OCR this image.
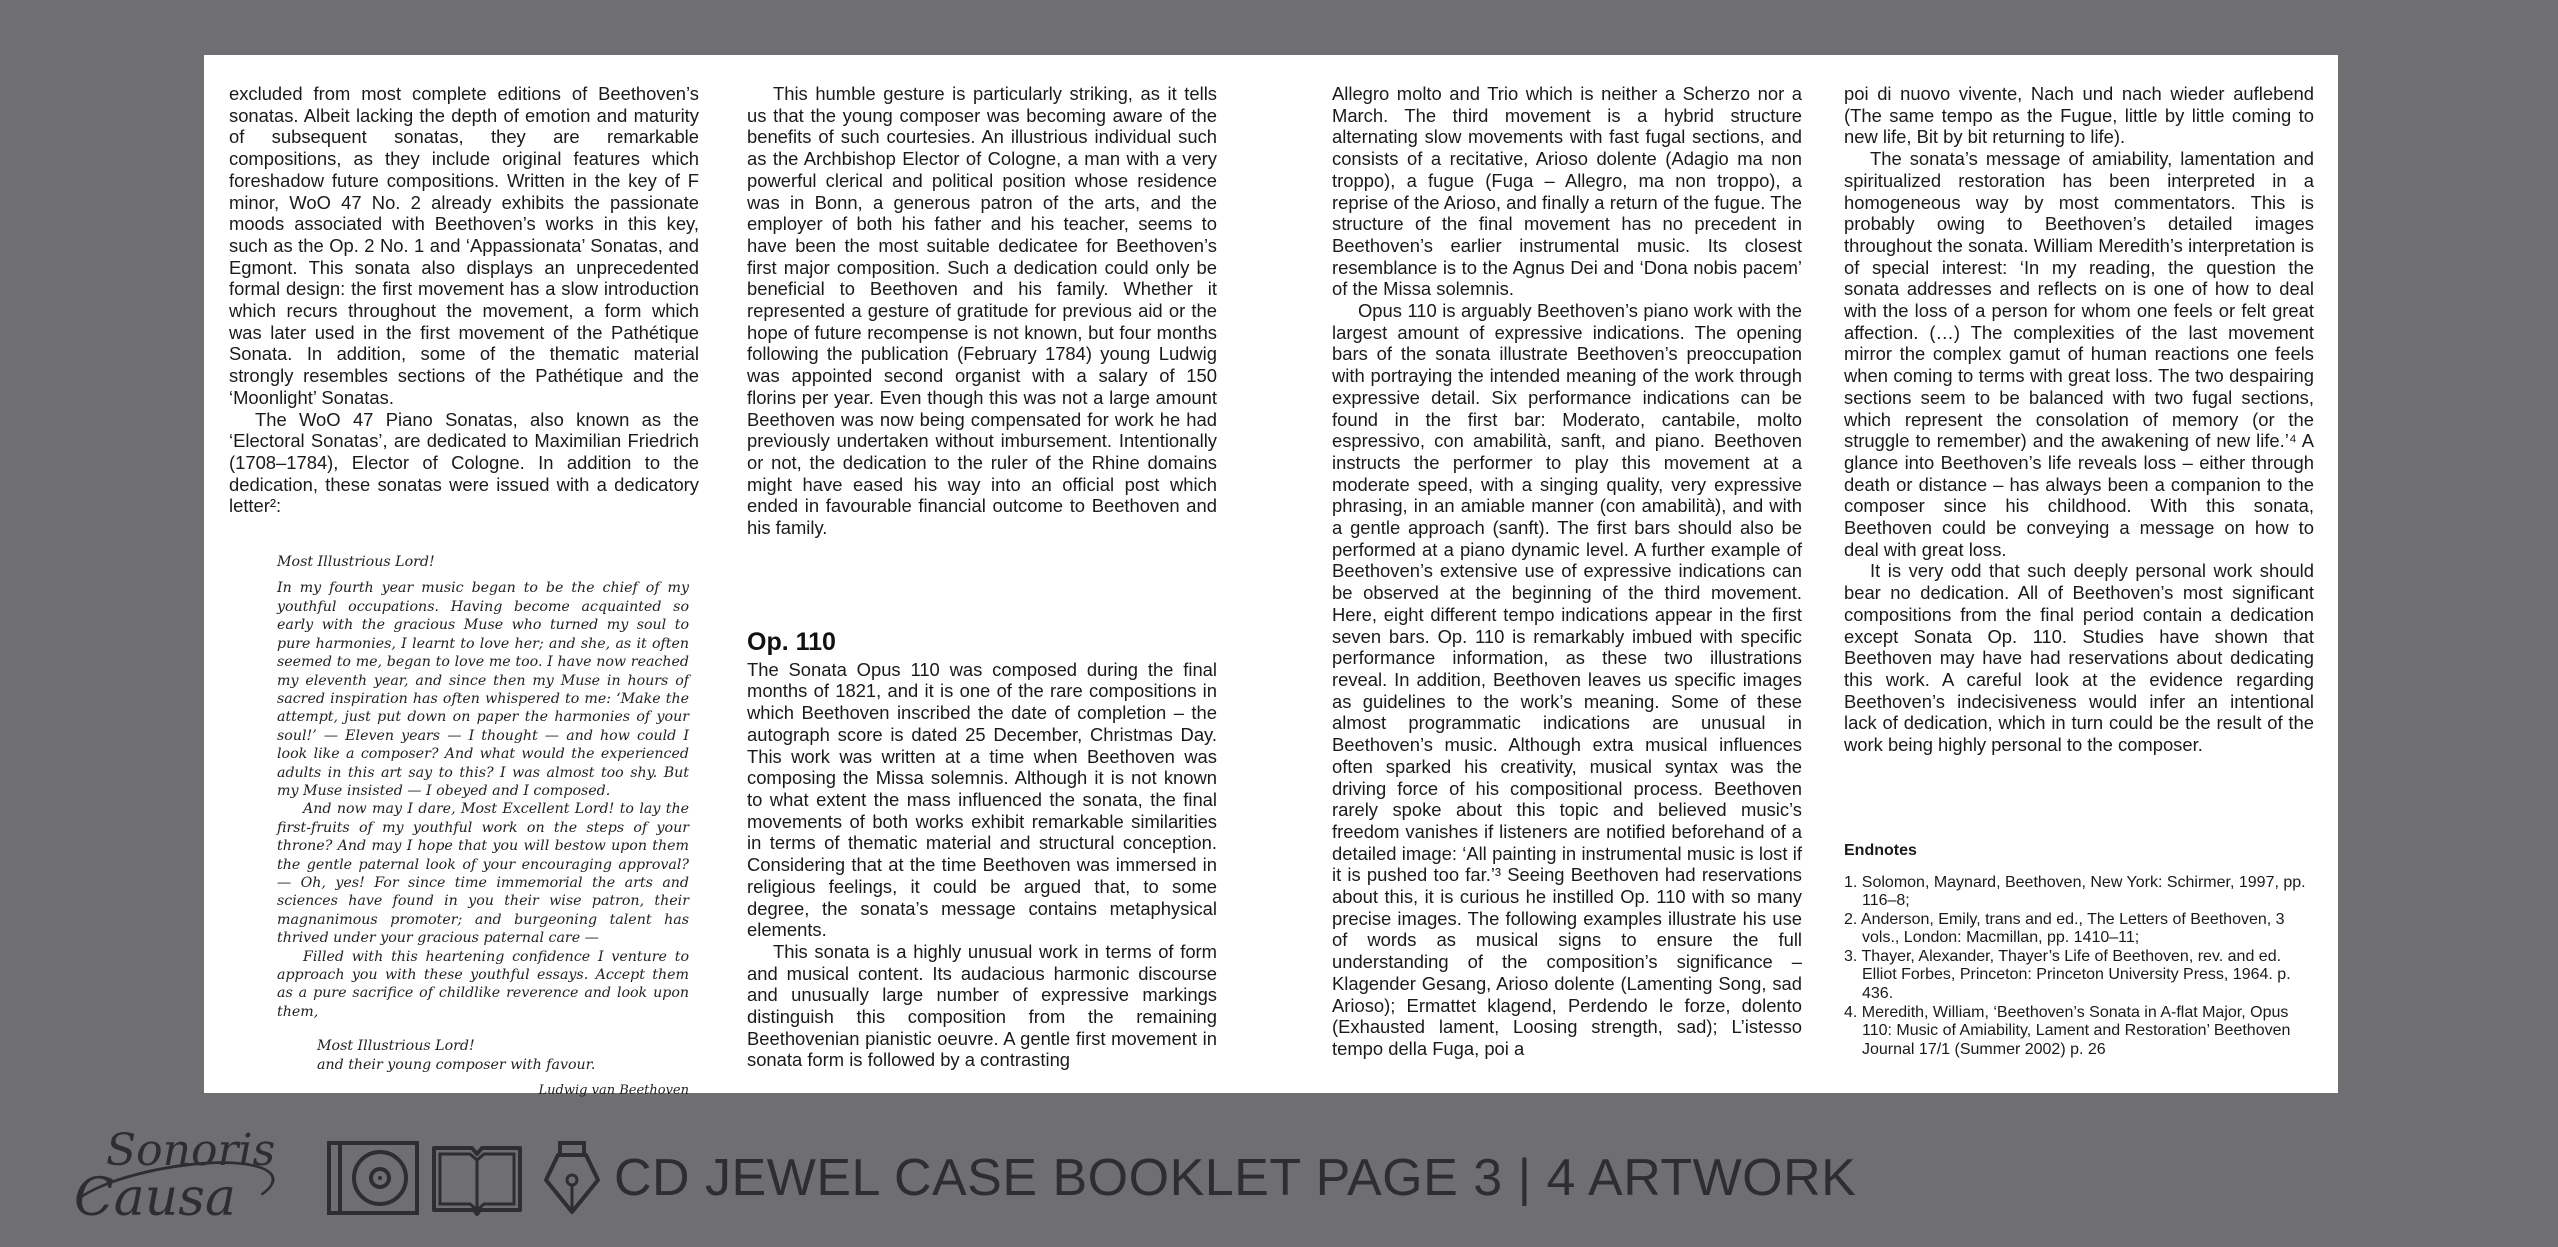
excluded from most complete editions of Beethoven’s sonatas. Albeit lacking the depth of emotion and maturity of subsequent sonatas, they are remarkable compositions, as they include original features which foreshadow future compositions. Written in the key of F minor, WoO 47 No. 2 already exhibits the passionate moods associated with Beethoven’s works in this key, such as the Op. 2 No. 1 and ‘Appassionata’ Sonatas, and Egmont. This sonata also displays an unprecedented formal design: the first movement has a slow introduction which recurs throughout the movement, a form which was later used in the first movement of the Pathétique Sonata. In addition, some of the thematic material strongly resembles sections of the Pathétique and the ‘Moonlight’ Sonatas.

The WoO 47 Piano Sonatas, also known as the ‘Electoral Sonatas’, are dedicated to Maximilian Friedrich (1708–1784), Elector of Cologne. In addition to the dedication, these sonatas were issued with a dedicatory letter²:

Most Illustrious Lord!

In my fourth year music began to be the chief of my youthful occupations. Having become acquainted so early with the gracious Muse who turned my soul to pure harmonies, I learnt to love her; and she, as it often seemed to me, began to love me too. I have now reached my eleventh year, and since then my Muse in hours of sacred inspiration has often whispered to me: ‘Make the attempt, just put down on paper the harmonies of your soul!’ — Eleven years — I thought — and how could I look like a composer? And what would the experienced adults in this art say to this? I was almost too shy. But my Muse insisted — I obeyed and I composed.

And now may I dare, Most Excellent Lord! to lay the first-fruits of my youthful work on the steps of your throne? And may I hope that you will bestow upon them the gentle paternal look of your encouraging approval? — Oh, yes! For since time immemorial the arts and sciences have found in you their wise patron, their magnanimous promoter; and burgeoning talent has thrived under your gracious paternal care —

Filled with this heartening confidence I venture to approach you with these youthful essays. Accept them as a pure sacrifice of childlike reverence and look upon them,

Most Illustrious Lord!

and their young composer with favour.

Ludwig van Beethoven

This humble gesture is particularly striking, as it tells us that the young composer was becoming aware of the benefits of such courtesies. An illustrious individual such as the Archbishop Elector of Cologne, a man with a very powerful clerical and political position whose residence was in Bonn, a generous patron of the arts, and the employer of both his father and his teacher, seems to have been the most suitable dedicatee for Beethoven’s first major composition. Such a dedication could only be beneficial to Beethoven and his family. Whether it represented a gesture of gratitude for previous aid or the hope of future recompense is not known, but four months following the publication (February 1784) young Ludwig was appointed second organist with a salary of 150 florins per year. Even though this was not a large amount Beethoven was now being compensated for work he had previously undertaken without imbursement. Intentionally or not, the dedication to the ruler of the Rhine domains might have eased his way into an official post which ended in favourable financial outcome to Beethoven and his family.

Op. 110

The Sonata Opus 110 was composed during the final months of 1821, and it is one of the rare compositions in which Beethoven inscribed the date of completion – the autograph score is dated 25 December, Christmas Day. This work was written at a time when Beethoven was composing the Missa solemnis. Although it is not known to what extent the mass influenced the sonata, the final movements of both works exhibit remarkable similarities in terms of thematic material and structural conception. Considering that at the time Beethoven was immersed in religious feelings, it could be argued that, to some degree, the sonata’s message contains metaphysical elements.

This sonata is a highly unusual work in terms of form and musical content. Its audacious harmonic discourse and unusually large number of expressive markings distinguish this composition from the remaining Beethovenian pianistic oeuvre. A gentle first movement in sonata form is followed by a contrasting

Allegro molto and Trio which is neither a Scherzo nor a March. The third movement is a hybrid structure alternating slow movements with fast fugal sections, and consists of a recitative, Arioso dolente (Adagio ma non troppo), a fugue (Fuga – Allegro, ma non troppo), a reprise of the Arioso, and finally a return of the fugue. The structure of the final movement has no precedent in Beethoven’s earlier instrumental music. Its closest resemblance is to the Agnus Dei and ‘Dona nobis pacem’ of the Missa solemnis.

Opus 110 is arguably Beethoven’s piano work with the largest amount of expressive indications. The opening bars of the sonata illustrate Beethoven’s preoccupation with portraying the intended meaning of the work through expressive detail. Six performance indications can be found in the first bar: Moderato, cantabile, molto espressivo, con amabilità, sanft, and piano. Beethoven instructs the performer to play this movement at a moderate speed, with a singing quality, very expressive phrasing, in an amiable manner (con amabilità), and with a gentle approach (sanft). The first bars should also be performed at a piano dynamic level. A further example of Beethoven’s extensive use of expressive indications can be observed at the beginning of the third movement. Here, eight different tempo indications appear in the first seven bars. Op. 110 is remarkably imbued with specific performance information, as these two illustrations reveal. In addition, Beethoven leaves us specific images as guidelines to the work’s meaning. Some of these almost programmatic indications are unusual in Beethoven’s music. Although extra musical influences often sparked his creativity, musical syntax was the driving force of his compositional process. Beethoven rarely spoke about this topic and believed music’s freedom vanishes if listeners are notified beforehand of a detailed image: ‘All painting in instrumental music is lost if it is pushed too far.’³ Seeing Beethoven had reservations about this, it is curious he instilled Op. 110 with so many precise images. The following examples illustrate his use of words as musical signs to ensure the full understanding of the composition’s significance – Klagender Gesang, Arioso dolente (Lamenting Song, sad Arioso); Ermattet klagend, Perdendo le forze, dolento (Exhausted lament, Loosing strength, sad); L’istesso tempo della Fuga, poi a

poi di nuovo vivente, Nach und nach wieder auflebend (The same tempo as the Fugue, little by little coming to new life, Bit by bit returning to life).

The sonata’s message of amiability, lamentation and spiritualized restoration has been interpreted in a homogeneous way by most commentators. This is probably owing to Beethoven’s detailed images throughout the sonata. William Meredith’s interpretation is of special interest: ‘In my reading, the question the sonata addresses and reflects on is one of how to deal with the loss of a person for whom one feels or felt great affection. (…) The complexities of the last movement mirror the complex gamut of human reactions one feels when coming to terms with great loss. The two despairing sections seem to be balanced with two fugal sections, which represent the consolation of memory (or the struggle to remember) and the awakening of new life.’⁴ A glance into Beethoven’s life reveals loss – either through death or distance – has always been a companion to the composer since his childhood. With this sonata, Beethoven could be conveying a message on how to deal with great loss.

It is very odd that such deeply personal work should bear no dedication. All of Beethoven’s most significant compositions from the final period contain a dedication except Sonata Op. 110. Studies have shown that Beethoven may have had reservations about dedicating this work. A careful look at the evidence regarding Beethoven’s indecisiveness would infer an intentional lack of dedication, which in turn could be the result of the work being highly personal to the composer.

Endnotes
1. Solomon, Maynard, Beethoven, New York: Schirmer, 1997, pp. 116–8;
2. Anderson, Emily, trans and ed., The Letters of Beethoven, 3 vols., London: Macmillan, pp. 1410–11;
3. Thayer, Alexander, Thayer’s Life of Beethoven, rev. and ed. Elliot Forbes, Princeton: Princeton University Press, 1964. p. 436.
4. Meredith, William, ‘Beethoven’s Sonata in A-flat Major, Opus 110: Music of Amiability, Lament and Restoration’ Beethoven Journal 17/1 (Summer 2002) p. 26
Sonoris
Causa	CD JEWEL CASE BOOKLET PAGE 3 | 4 ARTWORK
